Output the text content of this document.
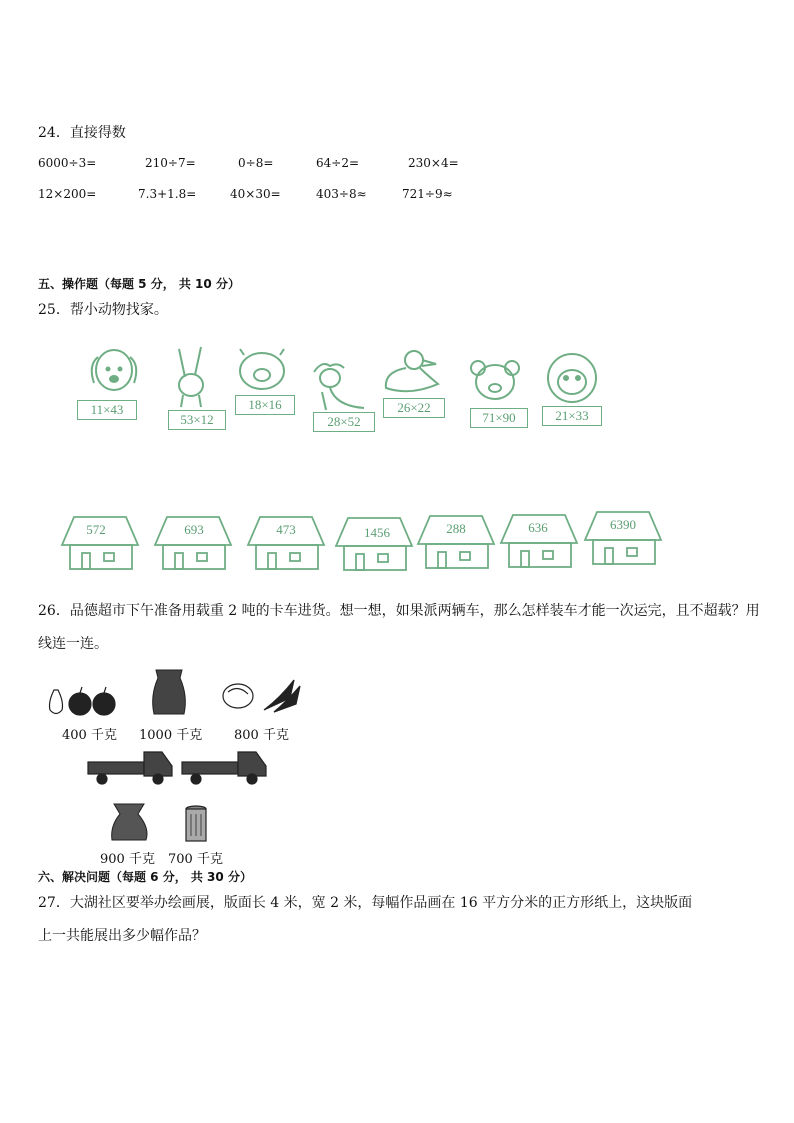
24．直接得数
6000÷3=	210÷7=	0÷8=	64÷2=	230×4=
12×200=	7.3+1.8=	40×30=	403÷8≈	721÷9≈
五、操作题（每题 5 分， 共 10 分）
25．帮小动物找家。
11×43
53×12
18×16
28×52
26×22
71×90	21×33
572	693	473	1456	288	636	6390
26．品德超市下午准备用载重 2 吨的卡车进货。想一想，如果派两辆车，那么怎样装车才能一次运完，且不超载？用
线连一连。
400 千克 1000 千克 800 千克
900 千克 700 千克
六、解决问题（每题 6 分， 共 30 分）
27．大湖社区要举办绘画展，版面长 4 米，宽 2 米，每幅作品画在 16 平方分米的正方形纸上，这块版面
上一共能展出多少幅作品？
